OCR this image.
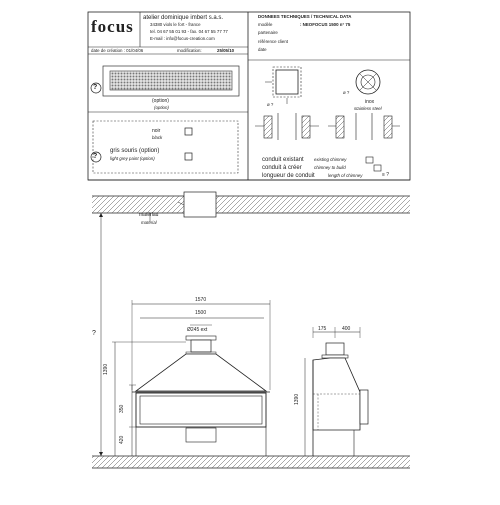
focus atelier dominique imbert s.a.s.
34380 viols le fort - france
tel. 04 67 55 01 93 - fax. 04 67 55 77 77
E-mail : info@focus-creation.com
date de création : 01/04/06	modification:	25/05/10
DONNEES TECHNIQUES / TECHNICAL DATA
modèle	: NEOFOCUS 1500 n° 75
partenaire
référence client
date
?
(option)
(option)
noir
black
?
gris souris (option)
light grey paint (option)
ø ?
ø ?
inox
stainless steel
conduit existant existing chimney
conduit à créer	chimney to build
longueur de conduit	length of chimney	≡ ?
matériau
material
1570
1500
Ø245 ext
?
1390
350
420
175	400
1390
